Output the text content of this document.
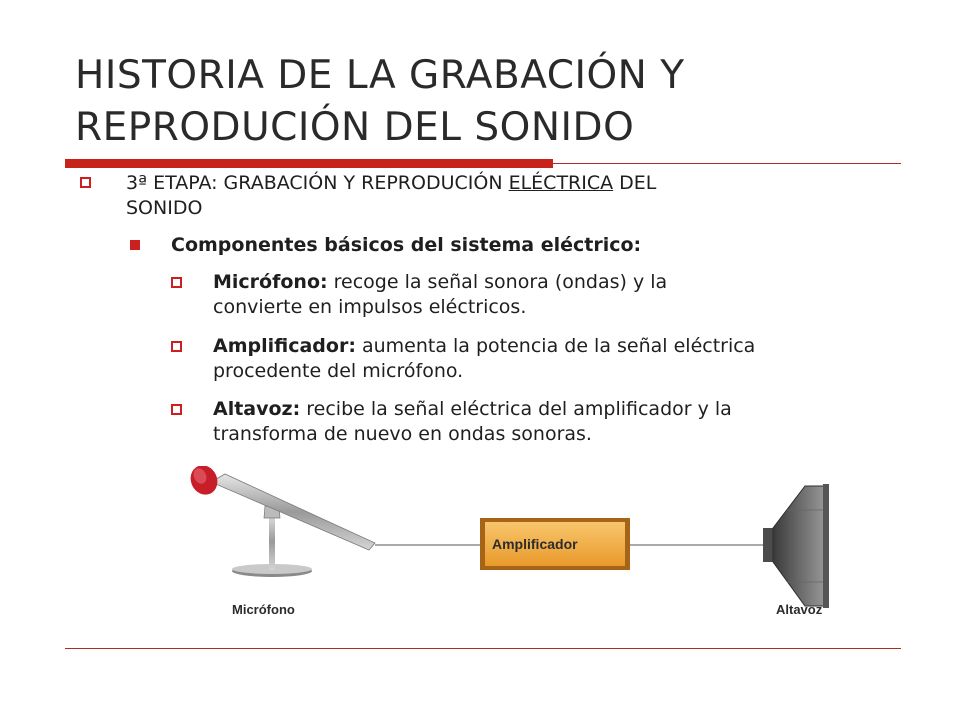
HISTORIA DE LA GRABACIÓN Y
REPRODUCIÓN DEL SONIDO
3ª ETAPA: GRABACIÓN Y REPRODUCIÓN ELÉCTRICA DEL
SONIDO
Componentes básicos del sistema eléctrico:
Micrófono: recoge la señal sonora (ondas) y la
convierte en impulsos eléctricos.
Amplificador: aumenta la potencia de la señal eléctrica
procedente del micrófono.
Altavoz: recibe la señal eléctrica del amplificador y la
transforma de nuevo en ondas sonoras.
Amplificador
Micrófono	Altavoz
